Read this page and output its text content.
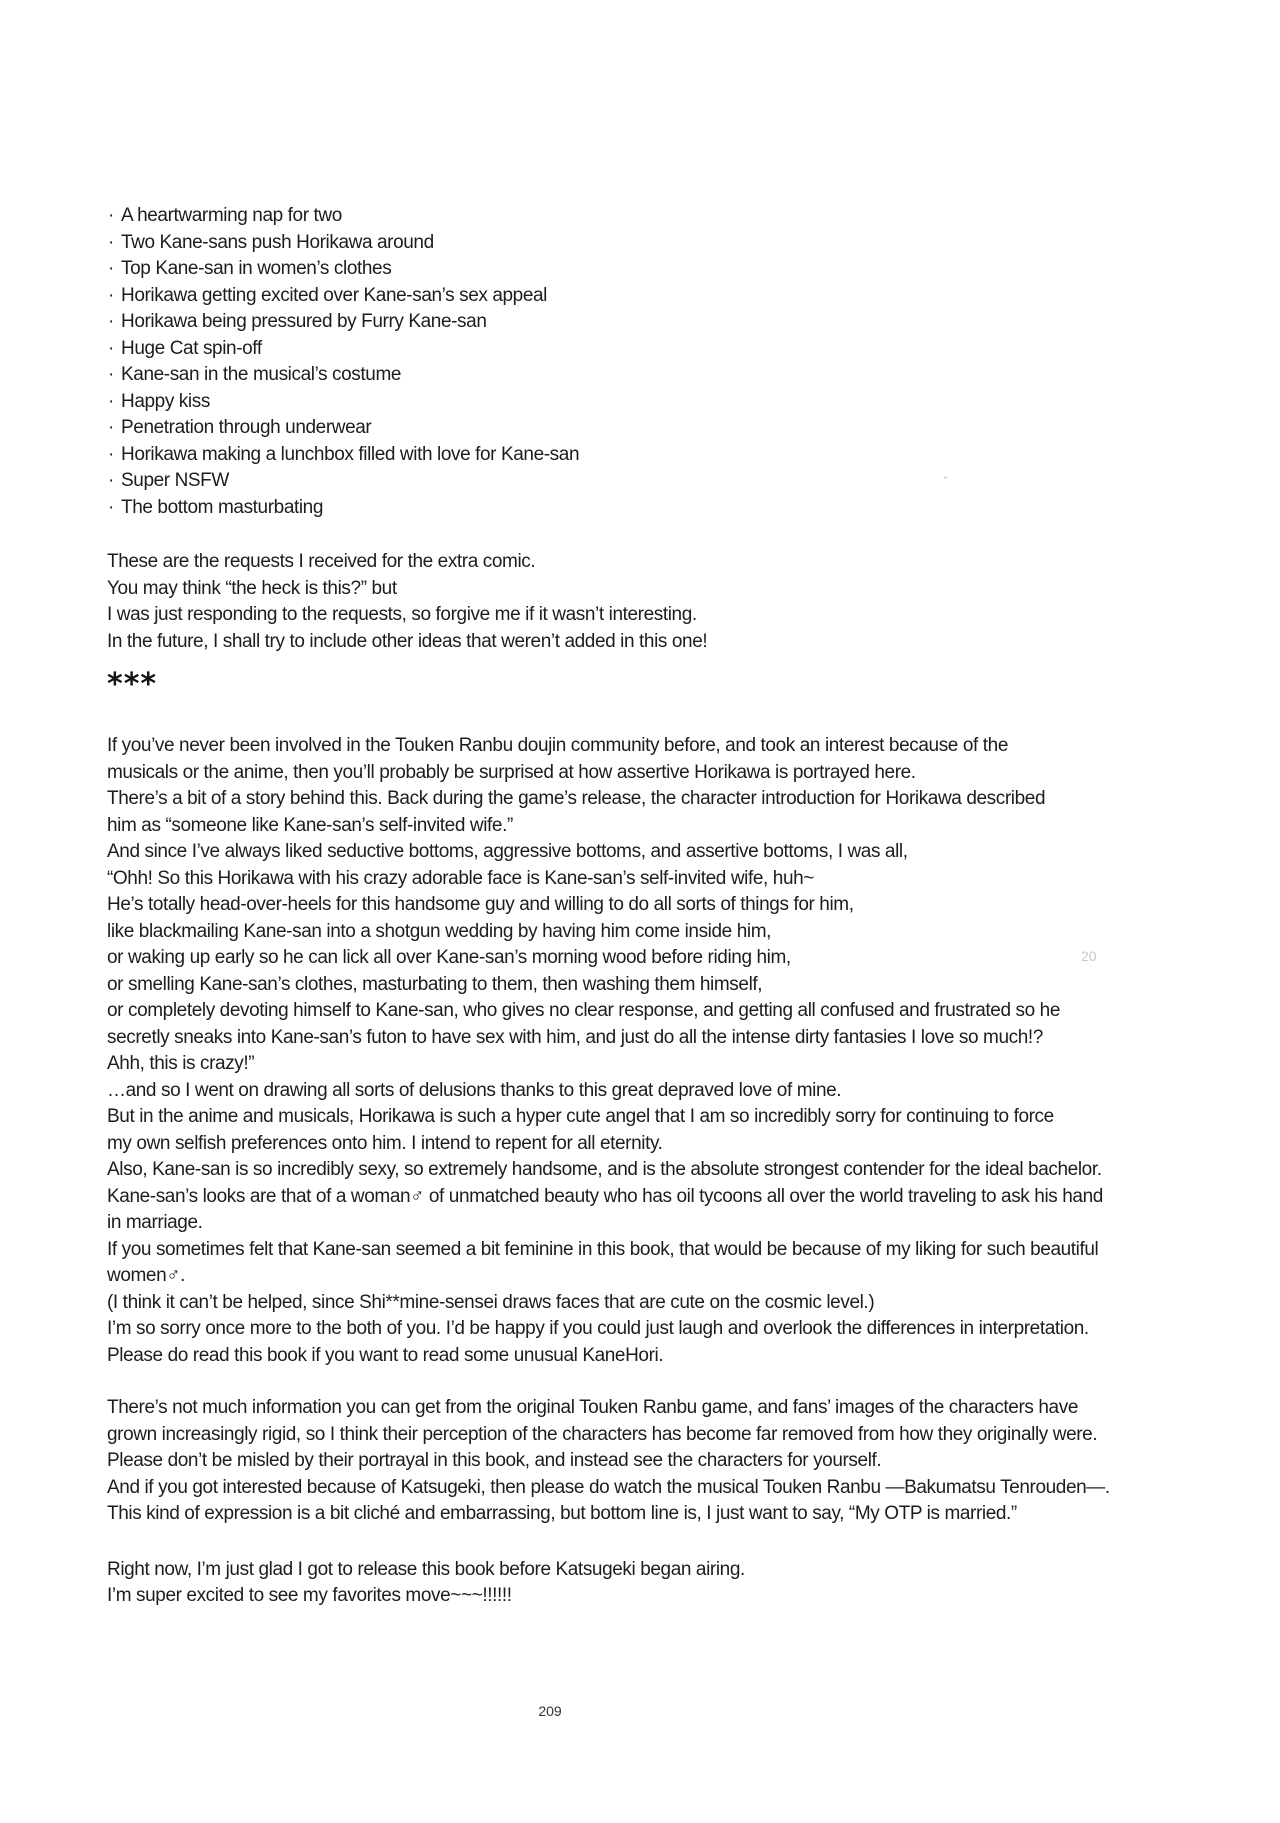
· A heartwarming nap for two
· Two Kane-sans push Horikawa around
· Top Kane-san in women’s clothes
· Horikawa getting excited over Kane-san’s sex appeal
· Horikawa being pressured by Furry Kane-san
· Huge Cat spin-off
· Kane-san in the musical’s costume
· Happy kiss
· Penetration through underwear
· Horikawa making a lunchbox filled with love for Kane-san
· Super NSFW
· The bottom masturbating
These are the requests I received for the extra comic.
You may think “the heck is this?” but
I was just responding to the requests, so forgive me if it wasn’t interesting.
In the future, I shall try to include other ideas that weren’t added in this one!
***
If you’ve never been involved in the Touken Ranbu doujin community before, and took an interest because of the
musicals or the anime, then you’ll probably be surprised at how assertive Horikawa is portrayed here.
There’s a bit of a story behind this. Back during the game’s release, the character introduction for Horikawa described
him as “someone like Kane-san’s self-invited wife.”
And since I’ve always liked seductive bottoms, aggressive bottoms, and assertive bottoms, I was all,
“Ohh! So this Horikawa with his crazy adorable face is Kane-san’s self-invited wife, huh~
He’s totally head-over-heels for this handsome guy and willing to do all sorts of things for him,
like blackmailing Kane-san into a shotgun wedding by having him come inside him,
or waking up early so he can lick all over Kane-san’s morning wood before riding him,
or smelling Kane-san’s clothes, masturbating to them, then washing them himself,
or completely devoting himself to Kane-san, who gives no clear response, and getting all confused and frustrated so he
secretly sneaks into Kane-san’s futon to have sex with him, and just do all the intense dirty fantasies I love so much!?
Ahh, this is crazy!”
…and so I went on drawing all sorts of delusions thanks to this great depraved love of mine.
But in the anime and musicals, Horikawa is such a hyper cute angel that I am so incredibly sorry for continuing to force
my own selfish preferences onto him. I intend to repent for all eternity.
Also, Kane-san is so incredibly sexy, so extremely handsome, and is the absolute strongest contender for the ideal bachelor.
Kane-san’s looks are that of a woman♂ of unmatched beauty who has oil tycoons all over the world traveling to ask his hand
in marriage.
If you sometimes felt that Kane-san seemed a bit feminine in this book, that would be because of my liking for such beautiful
women♂.
(I think it can’t be helped, since Shi**mine-sensei draws faces that are cute on the cosmic level.)
I’m so sorry once more to the both of you. I’d be happy if you could just laugh and overlook the differences in interpretation.
Please do read this book if you want to read some unusual KaneHori.
There’s not much information you can get from the original Touken Ranbu game, and fans’ images of the characters have
grown increasingly rigid, so I think their perception of the characters has become far removed from how they originally were.
Please don’t be misled by their portrayal in this book, and instead see the characters for yourself.
And if you got interested because of Katsugeki, then please do watch the musical Touken Ranbu —Bakumatsu Tenrouden—.
This kind of expression is a bit cliché and embarrassing, but bottom line is, I just want to say, “My OTP is married.”
Right now, I’m just glad I got to release this book before Katsugeki began airing.
I’m super excited to see my favorites move~~~!!!!!!
20
209
